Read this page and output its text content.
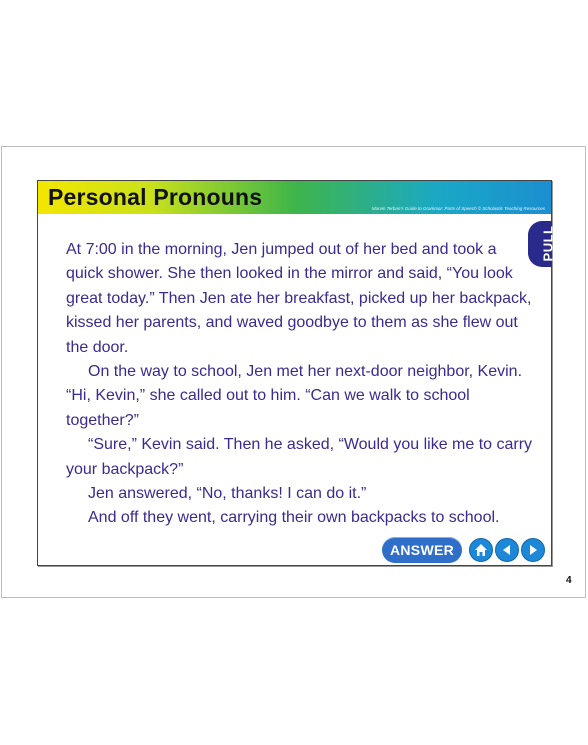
Personal Pronouns	Marvin Terban's Guide to Grammar: Parts of Speech © Scholastic Teaching Resources
PULL

At 7:00 in the morning, Jen jumped out of her bed and took a quick shower. She then looked in the mirror and said, “You look great today.” Then Jen ate her breakfast, picked up her backpack, kissed her parents, and waved goodbye to them as she flew out the door.

On the way to school, Jen met her next-door neighbor, Kevin. “Hi, Kevin,” she called out to him. “Can we walk to school together?”

“Sure,” Kevin said. Then he asked, “Would you like me to carry your backpack?”

Jen answered, “No, thanks! I can do it.”

And off they went, carrying their own backpacks to school.

ANSWER
4
